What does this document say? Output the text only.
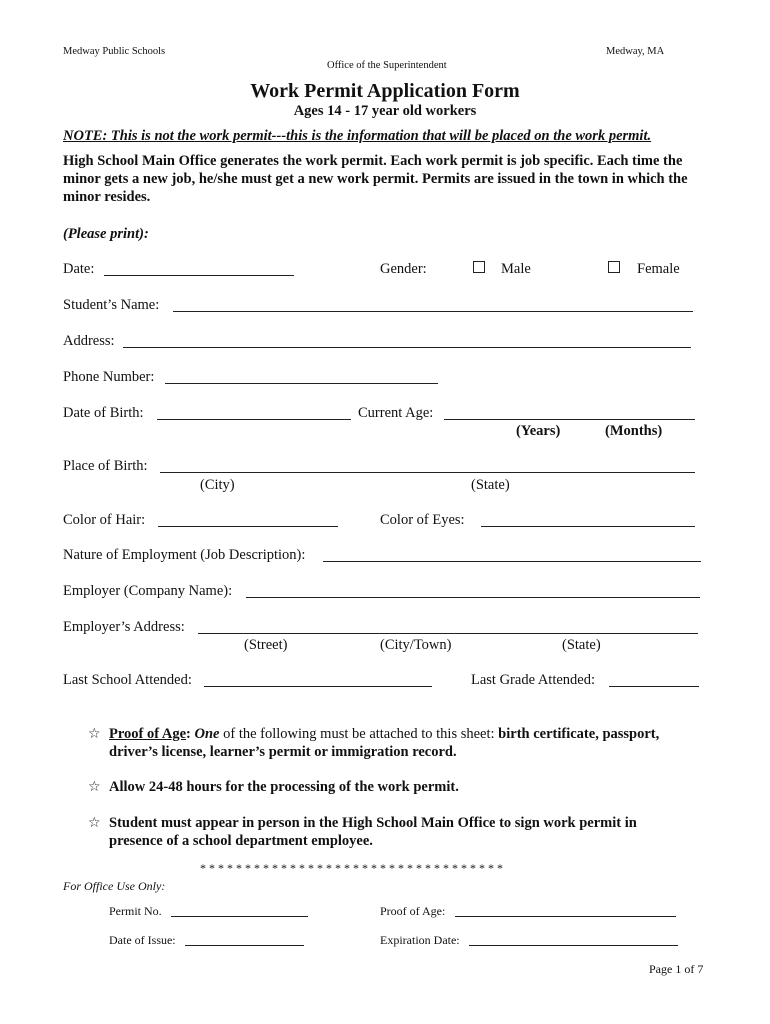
Medway Public Schools
Office of the Superintendent
Medway, MA
Work Permit Application Form
Ages 14 - 17 year old workers
NOTE: This is not the work permit---this is the information that will be placed on the work permit.
High School Main Office generates the work permit. Each work permit is job specific. Each time the minor gets a new job, he/she must get a new work permit. Permits are issued in the town in which the minor resides.
(Please print):
Date:	Gender:	Male	Female
Student’s Name:
Address:
Phone Number:
Date of Birth:	Current Age:
(Years)	(Months)
Place of Birth:
(City)	(State)
Color of Hair:	Color of Eyes:
Nature of Employment (Job Description):
Employer (Company Name):
Employer’s Address:
(Street)	(City/Town)	(State)
Last School Attended:	Last Grade Attended:
☆ Proof of Age: One of the following must be attached to this sheet: birth certificate, passport,
driver’s license, learner’s permit or immigration record.
☆ Allow 24-48 hours for the processing of the work permit.
☆ Student must appear in person in the High School Main Office to sign work permit in
presence of a school department employee.
* * * * * * * * * * * * * * * * * * * * * * * * * * * * * * * * * *
For Office Use Only:
Permit No.	Proof of Age:
Date of Issue:	Expiration Date:
Page 1 of 7
